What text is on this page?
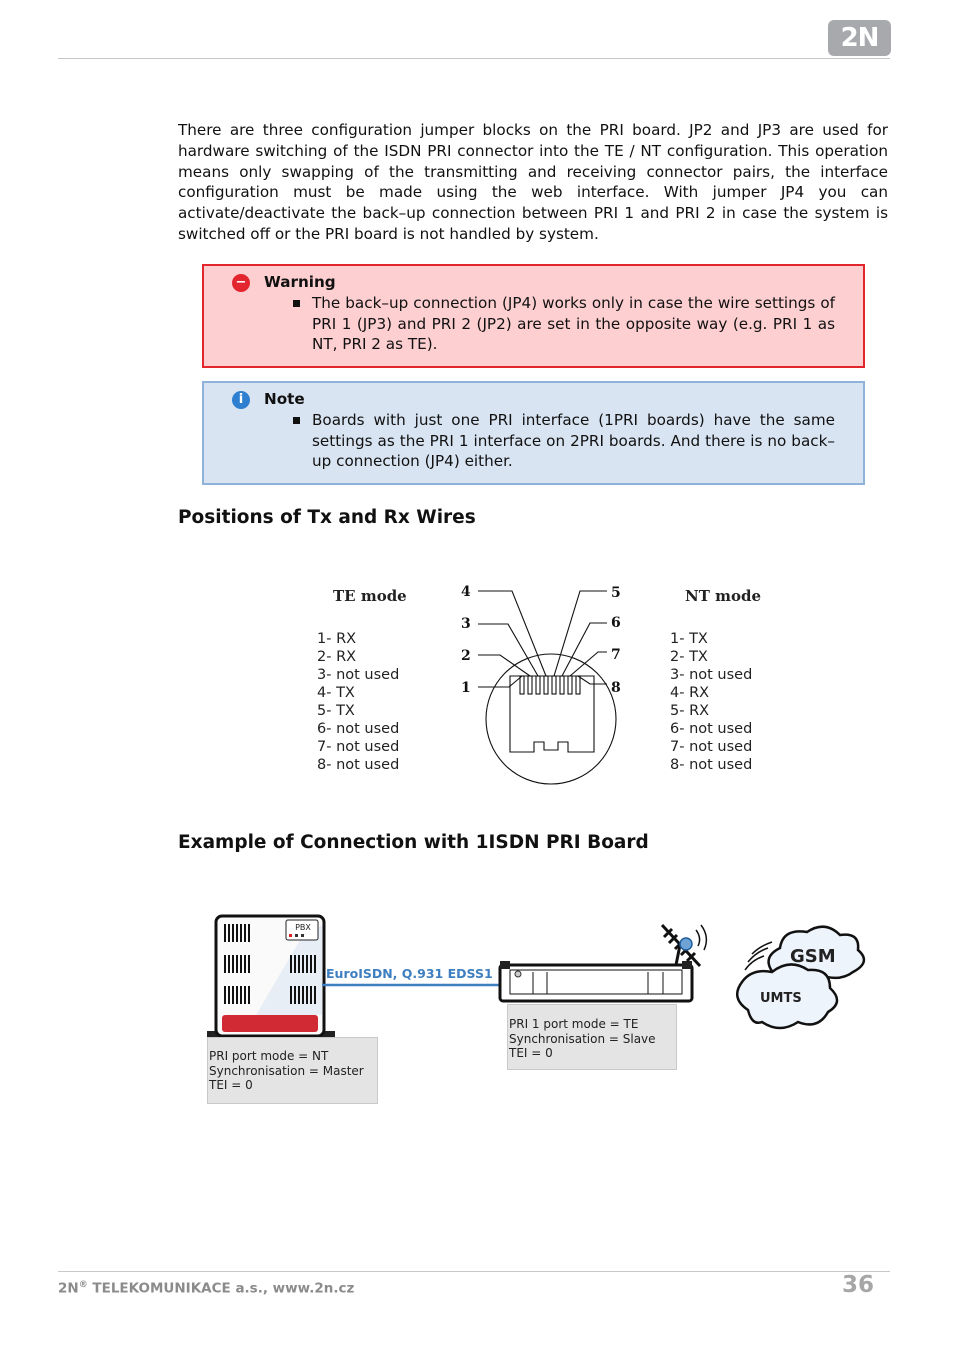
2N

There are three configuration jumper blocks on the PRI board. JP2 and JP3 are used for hardware switching of the ISDN PRI connector into the TE / NT configuration. This operation means only swapping of the transmitting and receiving connector pairs, the interface configuration must be made using the web interface. With jumper JP4 you can activate/deactivate the back–up connection between PRI 1 and PRI 2 in case the system is switched off or the PRI board is not handled by system.

− Warning
The back–up connection (JP4) works only in case the wire settings of PRI 1 (JP3) and PRI 2 (JP2) are set in the opposite way (e.g. PRI 1 as NT, PRI 2 as TE).
i	Note
Boards with just one PRI interface (1PRI boards) have the same settings as the PRI 1 interface on 2PRI boards. And there is no back–up connection (JP4) either.
Positions of Tx and Rx Wires
TE mode
1- RX
2- RX
3- not used
4- TX
5- TX
6- not used
7- not used
8- not used
NT mode
1- TX
2- TX
3- not used
4- RX
5- RX
6- not used
7- not used
8- not used
1
2
3
4	5
6
7
8
PBX
GSM
UMTS
Example of Connection with 1ISDN PRI Board
EuroISDN, Q.931 EDSS1
PRI port mode = NT
Synchronisation = Master
TEI = 0
PRI 1 port mode = TE
Synchronisation = Slave
TEI = 0
2N® TELEKOMUNIKACE a.s., www.2n.cz	36
